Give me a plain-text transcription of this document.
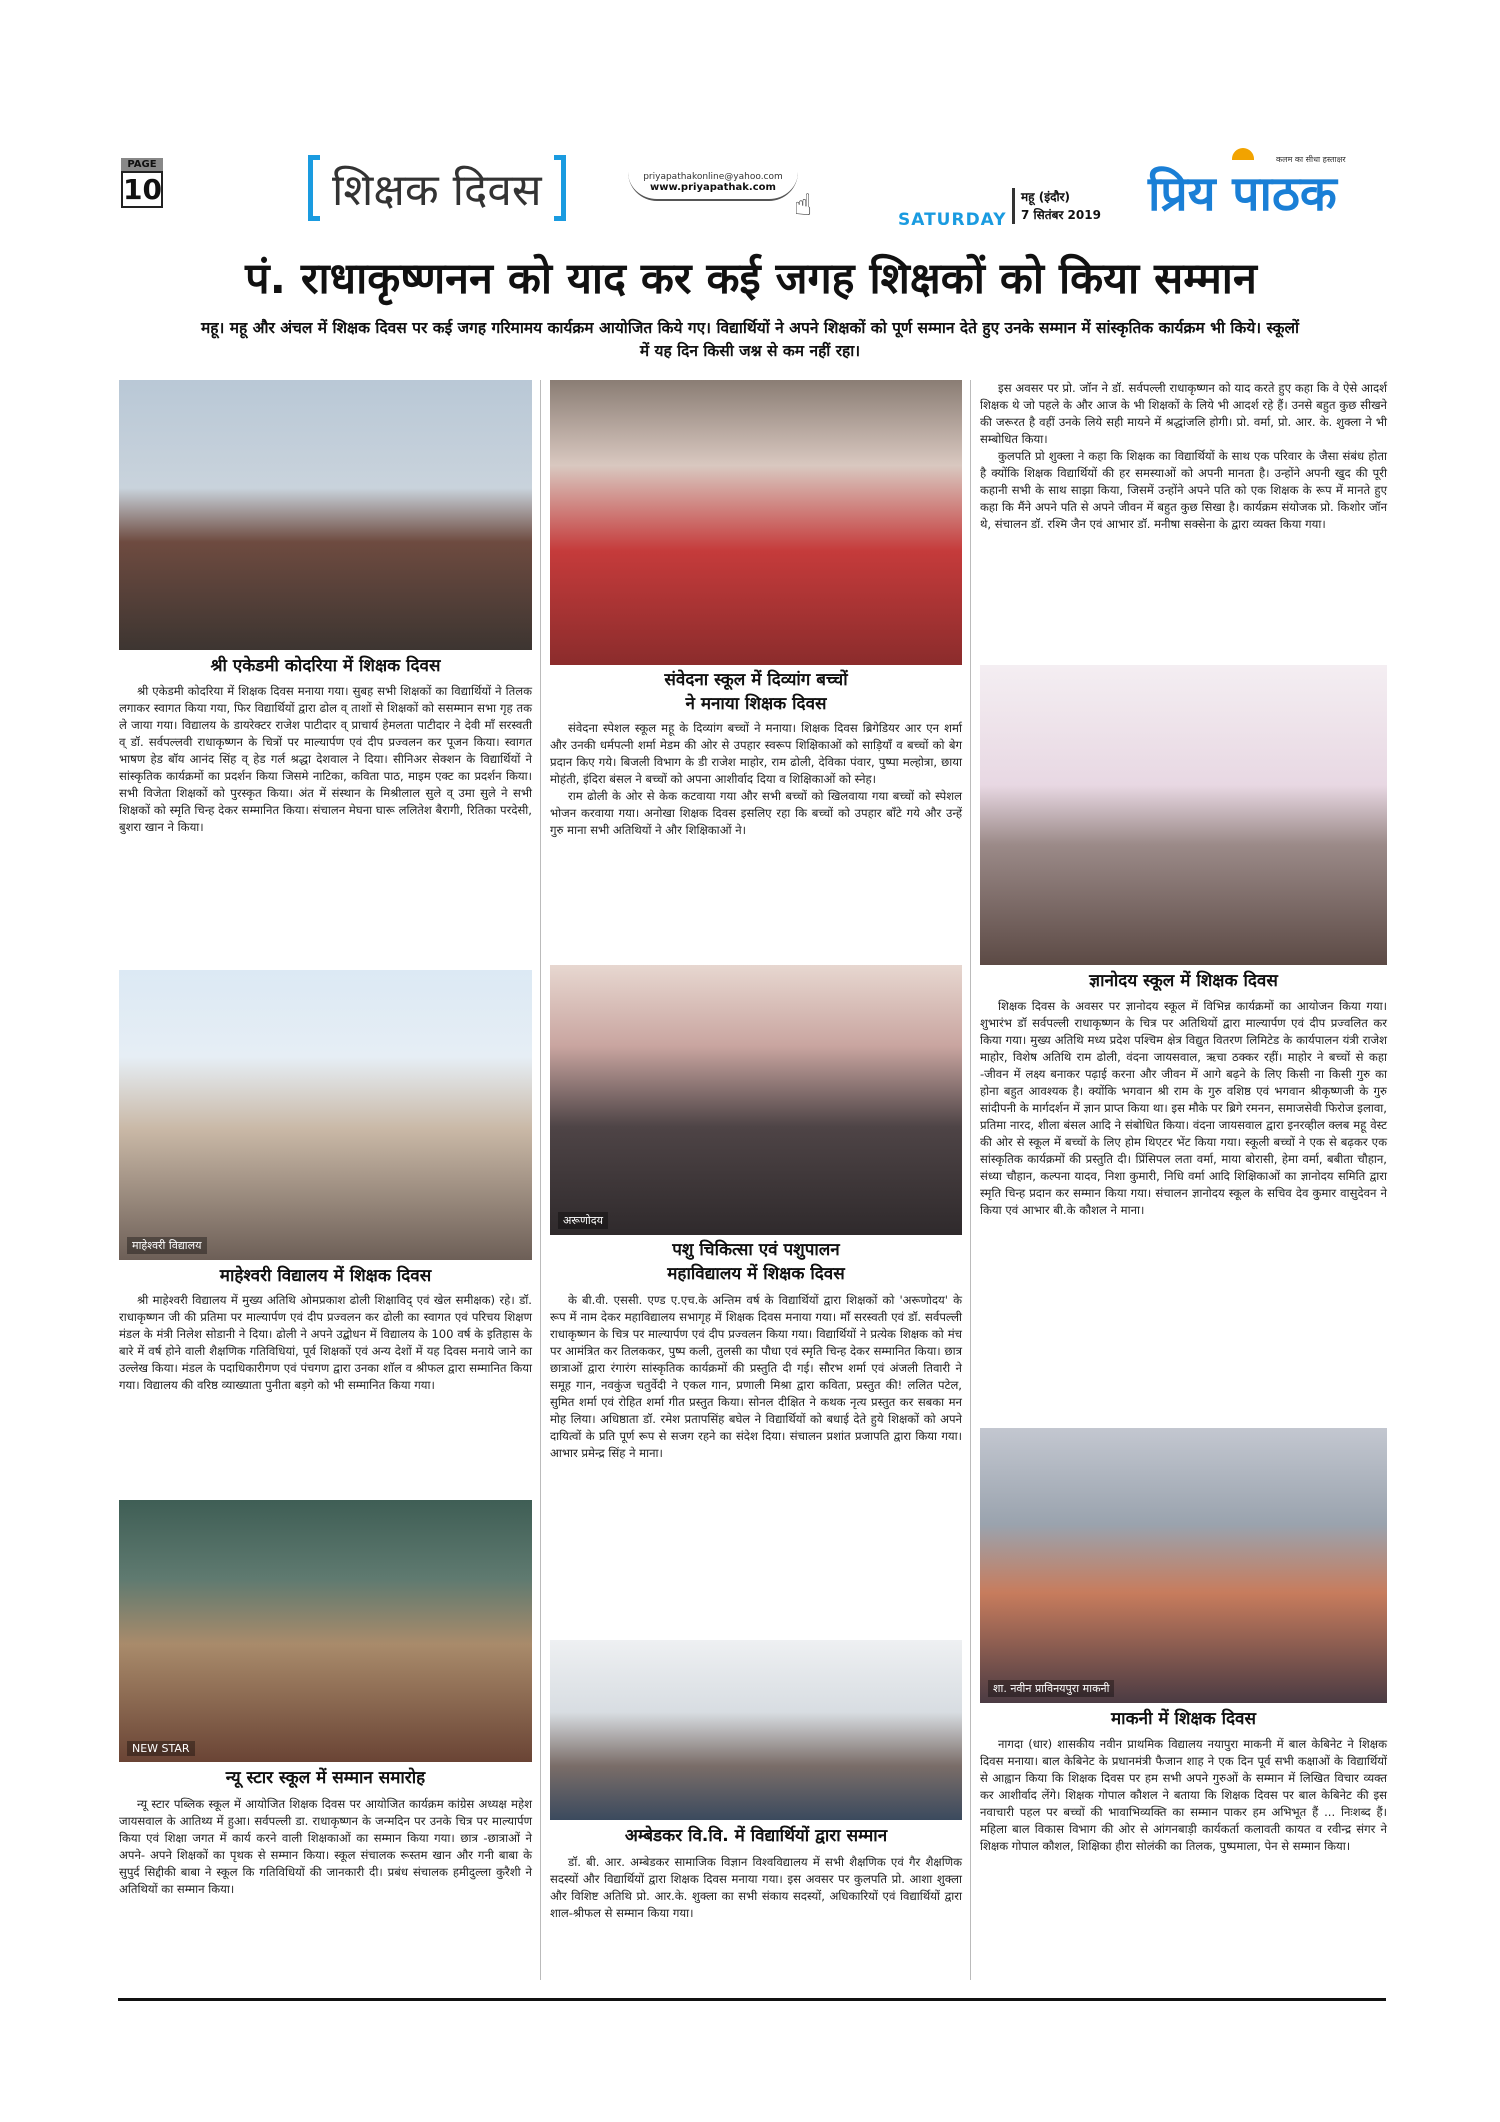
PAGE
10	शिक्षक दिवस	priyapathakonline@yahoo.com
www.priyapathak.com
☝	SATURDAY
महू (इंदौर)
7 सितंबर 2019 प्रिय पाठक
कलम का सीधा हस्ताक्षर
पं. राधाकृष्णनन को याद कर कई जगह शिक्षकों को किया सम्मान
महू। महू और अंचल में शिक्षक दिवस पर कई जगह गरिमामय कार्यक्रम आयोजित किये गए। विद्यार्थियों ने अपने शिक्षकों को पूर्ण सम्मान देते हुए उनके सम्मान में सांस्कृतिक कार्यक्रम भी किये। स्कूलों में यह दिन किसी जश्न से कम नहीं रहा।
श्री एकेडमी कोदरिया में शिक्षक दिवस

श्री एकेडमी कोदरिया में शिक्षक दिवस मनाया गया। सुबह सभी शिक्षकों का विद्यार्थियों ने तिलक लगाकर स्वागत किया गया, फिर विद्यार्थियों द्वारा ढोल व् ताशों से शिक्षकों को ससम्मान सभा गृह तक ले जाया गया। विद्यालय के डायरेक्टर राजेश पाटीदार व् प्राचार्य हेमलता पाटीदार ने देवी माँ सरस्वती व् डॉ. सर्वपल्लवी राधाकृष्णन के चित्रों पर माल्यार्पण एवं दीप प्रज्वलन कर पूजन किया। स्वागत भाषण हेड बॉय आनंद सिंह व् हेड गर्ल श्रद्धा देशवाल ने दिया। सीनिअर सेक्शन के विद्यार्थियों ने सांस्कृतिक कार्यक्रमों का प्रदर्शन किया जिसमे नाटिका, कविता पाठ, माइम एक्ट का प्रदर्शन किया। सभी विजेता शिक्षकों को पुरस्कृत किया। अंत में संस्थान के मिश्रीलाल सुले व् उमा सुले ने सभी शिक्षकों को स्मृति चिन्ह देकर सम्मानित किया। संचालन मेघना घारू ललितेश बैरागी, रितिका परदेसी, बुशरा खान ने किया।

माहेश्वरी विद्यालय
माहेश्वरी विद्यालय में शिक्षक दिवस

श्री माहेश्वरी विद्यालय में मुख्य अतिथि ओमप्रकाश ढोली शिक्षाविद् एवं खेल समीक्षक) रहे। डॉ. राधाकृष्णन जी की प्रतिमा पर माल्यार्पण एवं दीप प्रज्वलन कर ढोली का स्वागत एवं परिचय शिक्षण मंडल के मंत्री निलेश सोडानी ने दिया। ढोली ने अपने उद्बोधन में विद्यालय के 100 वर्ष के इतिहास के बारे में वर्ष होने वाली शैक्षणिक गतिविधियां, पूर्व शिक्षकों एवं अन्य देशों में यह दिवस मनाये जाने का उल्लेख किया। मंडल के पदाधिकारीगण एवं पंचगण द्वारा उनका शाॅल व श्रीफल द्वारा सम्मानित किया गया। विद्यालय की वरिष्ठ व्याख्याता पुनीता बड़गे को भी सम्मानित किया गया।

NEW STAR
न्यू स्टार स्कूल में सम्मान समारोह

न्यू स्टार पब्लिक स्कूल में आयोजित शिक्षक दिवस पर आयोजित कार्यक्रम कांग्रेस अध्यक्ष महेश जायसवाल के आतिथ्य में हुआ। सर्वपल्ली डा. राधाकृष्णन के जन्मदिन पर उनके चित्र पर माल्यार्पण किया एवं शिक्षा जगत में कार्य करने वाली शिक्षकाओं का सम्मान किया गया। छात्र -छात्राओं ने अपने- अपने शिक्षकों का पृथक से सम्मान किया। स्कूल संचालक रूस्तम खान और गनी बाबा के सुपुर्द सिद्दीकी बाबा ने स्कूल कि गतिविधियों की जानकारी दी। प्रबंध संचालक हमीदुल्ला कुरैशी ने अतिथियों का सम्मान किया।

संवेदना स्कूल में दिव्यांग बच्चों
ने मनाया शिक्षक दिवस

संवेदना स्पेशल स्कूल महू के दिव्यांग बच्चों ने मनाया। शिक्षक दिवस ब्रिगेडियर आर एन शर्मा और उनकी धर्मपत्नी शर्मा मेडम की ओर से उपहार स्वरूप शिक्षिकाओं को साड़ियाँ व बच्चों को बेग प्रदान किए गये। बिजली विभाग के डी राजेश माहोर, राम ढोली, देविका पंवार, पुष्पा मल्होत्रा, छाया मोहंती, इंदिरा बंसल ने बच्चों को अपना आशीर्वाद दिया व शिक्षिकाओं को स्नेह।

राम ढोली के ओर से केक कटवाया गया और सभी बच्चों को खिलवाया गया बच्चों को स्पेशल भोजन करवाया गया। अनोखा शिक्षक दिवस इसलिए रहा कि बच्चों को उपहार बाँटे गये और उन्हें गुरु माना सभी अतिथियों ने और शिक्षिकाओं ने।

अरूणोदय
पशु चिकित्सा एवं पशुपालन
महाविद्यालय में शिक्षक दिवस

के बी.वी. एससी. एण्ड ए.एच.के अन्तिम वर्ष के विद्यार्थियों द्वारा शिक्षकों को 'अरूणोदय' के रूप में नाम देकर महाविद्यालय सभागृह में शिक्षक दिवस मनाया गया। माँ सरस्वती एवं डॉ. सर्वपल्ली राधाकृष्णन के चित्र पर माल्यार्पण एवं दीप प्रज्वलन किया गया। विद्यार्थियों ने प्रत्येक शिक्षक को मंच पर आमंत्रित कर तिलककर, पुष्प कली, तुलसी का पौधा एवं स्मृति चिन्ह देकर सम्मानित किया। छात्र छात्राओं द्वारा रंगारंग सांस्कृतिक कार्यक्रमों की प्रस्तुति दी गई। सौरभ शर्मा एवं अंजली तिवारी ने समूह गान, नवकुंज चतुर्वेदी ने एकल गान, प्रणाली मिश्रा द्वारा कविता, प्रस्तुत की! ललित पटेल, सुमित शर्मा एवं रोहित शर्मा गीत प्रस्तुत किया। सोनल दीक्षित ने कथक नृत्य प्रस्तुत कर सबका मन मोह लिया। अधिष्ठाता डॉ. रमेश प्रतापसिंह बघेल ने विद्यार्थियों को बधाई देते हुये शिक्षकों को अपने दायित्वों के प्रति पूर्ण रूप से सजग रहने का संदेश दिया। संचालन प्रशांत प्रजापति द्वारा किया गया।आभार प्रमेन्द्र सिंह ने माना।

अम्बेडकर वि.वि. में विद्यार्थियों द्वारा सम्मान

डॉ. बी. आर. अम्बेडकर सामाजिक विज्ञान विश्वविद्यालय में सभी शैक्षणिक एवं गैर शैक्षणिक सदस्यों और विद्यार्थियों द्वारा शिक्षक दिवस मनाया गया। इस अवसर पर कुलपति प्रो. आशा शुक्ला और विशिष्ट अतिथि प्रो. आर.के. शुक्ला का सभी संकाय सदस्यों, अधिकारियों एवं विद्यार्थियों द्वारा शाल-श्रीफल से सम्मान किया गया।

इस अवसर पर प्रो. जॉन ने डॉ. सर्वपल्ली राधाकृष्णन को याद करते हुए कहा कि वे ऐसे आदर्श शिक्षक थे जो पहले के और आज के भी शिक्षकों के लिये भी आदर्श रहे हैं। उनसे बहुत कुछ सीखने की जरूरत है वहीं उनके लिये सही मायने में श्रद्धांजलि होगी। प्रो. वर्मा, प्रो. आर. के. शुक्ला ने भी सम्बोधित किया।

कुलपति प्रो शुक्ला ने कहा कि शिक्षक का विद्यार्थियों के साथ एक परिवार के जैसा संबंध होता है क्योंकि शिक्षक विद्यार्थियों की हर समस्याओं को अपनी मानता है। उन्होंने अपनी खुद की पूरी कहानी सभी के साथ साझा किया, जिसमें उन्होंने अपने पति को एक शिक्षक के रूप में मानते हुए कहा कि मैंने अपने पति से अपने जीवन में बहुत कुछ सिखा है। कार्यक्रम संयोजक प्रो. किशोर जॉन थे, संचालन डॉ. रश्मि जैन एवं आभार डॉ. मनीषा सक्सेना के द्वारा व्यक्त किया गया।

ज्ञानोदय स्कूल में शिक्षक दिवस

शिक्षक दिवस के अवसर पर ज्ञानोदय स्कूल में विभिन्न कार्यक्रमों का आयोजन किया गया। शुभारंभ डॉ सर्वपल्ली राधाकृष्णन के चित्र पर अतिथियों द्वारा माल्यार्पण एवं दीप प्रज्वलित कर किया गया। मुख्य अतिथि मध्य प्रदेश पश्चिम क्षेत्र विद्युत वितरण लिमिटेड के कार्यपालन यंत्री राजेश माहोर, विशेष अतिथि राम ढोली, वंदना जायसवाल, ऋचा ठक्कर रहीं। माहोर ने बच्चों से कहा -जीवन में लक्ष्य बनाकर पढ़ाई करना और जीवन में आगे बढ़ने के लिए किसी ना किसी गुरु का होना बहुत आवश्यक है। क्योंकि भगवान श्री राम के गुरु वशिष्ठ एवं भगवान श्रीकृष्णजी के गुरु सांदीपनी के मार्गदर्शन में ज्ञान प्राप्त किया था। इस मौके पर ब्रिगे रमनन, समाजसेवी फिरोज इलावा, प्रतिमा नारद, शीला बंसल आदि ने संबोधित किया। वंदना जायसवाल द्वारा इनरव्हील क्लब महू वेस्ट की ओर से स्कूल में बच्चों के लिए होम थिएटर भेंट किया गया। स्कूली बच्चों ने एक से बढ़कर एक सांस्कृतिक कार्यक्रमों की प्रस्तुति दी। प्रिंसिपल लता वर्मा, माया बोरासी, हेमा वर्मा, बबीता चौहान, संध्या चौहान, कल्पना यादव, निशा कुमारी, निधि वर्मा आदि शिक्षिकाओं का ज्ञानोदय समिति द्वारा स्मृति चिन्ह प्रदान कर सम्मान किया गया। संचालन ज्ञानोदय स्कूल के सचिव देव कुमार वासुदेवन ने किया एवं आभार बी.के कौशल ने माना।

शा. नवीन प्राविनयपुरा माकनी
माकनी में शिक्षक दिवस

नागदा (धार) शासकीय नवीन प्राथमिक विद्यालय नयापुरा माकनी में बाल केबिनेट ने शिक्षक दिवस मनाया। बाल केबिनेट के प्रधानमंत्री फैजान शाह ने एक दिन पूर्व सभी कक्षाओं के विद्यार्थियों से आह्वान किया कि शिक्षक दिवस पर हम सभी अपने गुरुओं के सम्मान में लिखित विचार व्यक्त कर आशीर्वाद लेंगे। शिक्षक गोपाल कौशल ने बताया कि शिक्षक दिवस पर बाल केबिनेट की इस नवाचारी पहल पर बच्चों की भावाभिव्यक्ति का सम्मान पाकर हम अभिभूत हैं ... निःशब्द हैं। महिला बाल विकास विभाग की ओर से आंगनबाड़ी कार्यकर्ता कलावती कायत व रवीन्द्र संगर ने शिक्षक गोपाल कौशल, शिक्षिका हीरा सोलंकी का तिलक, पुष्पमाला, पेन से सम्मान किया।
